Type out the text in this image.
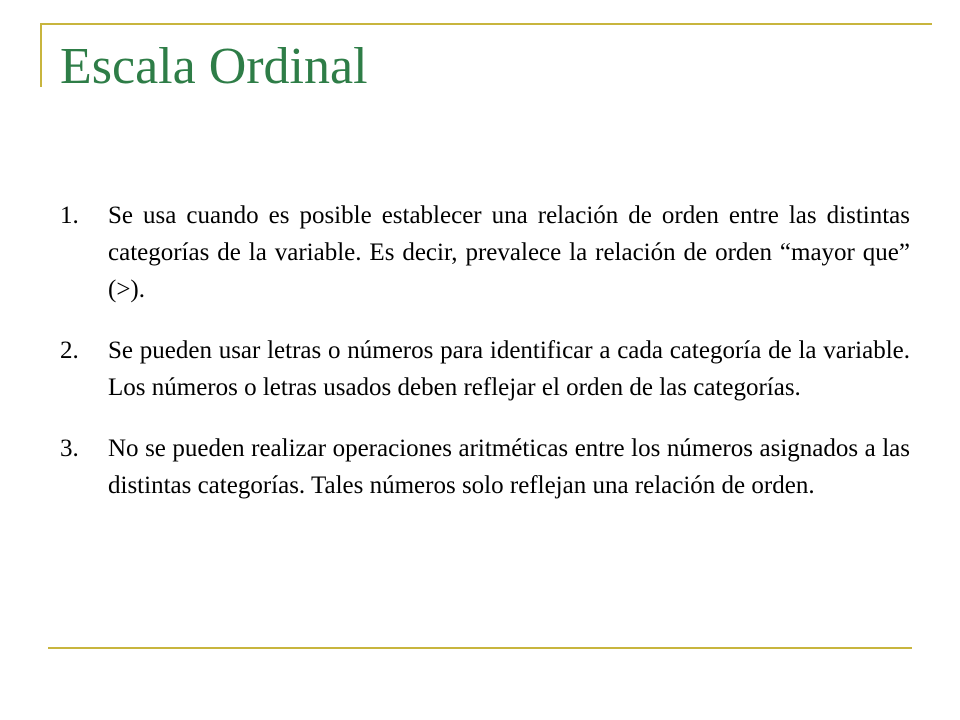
Escala Ordinal
1.	Se usa cuando es posible establecer una relación de orden entre las distintas categorías de la variable. Es decir, prevalece la relación de orden “mayor que” (>).
2.	Se pueden usar letras o números para identificar a cada categoría de la variable. Los números o letras usados deben reflejar el orden de las categorías.
3.	No se pueden realizar operaciones aritméticas entre los números asignados a las distintas categorías. Tales números solo reflejan una relación de orden.
